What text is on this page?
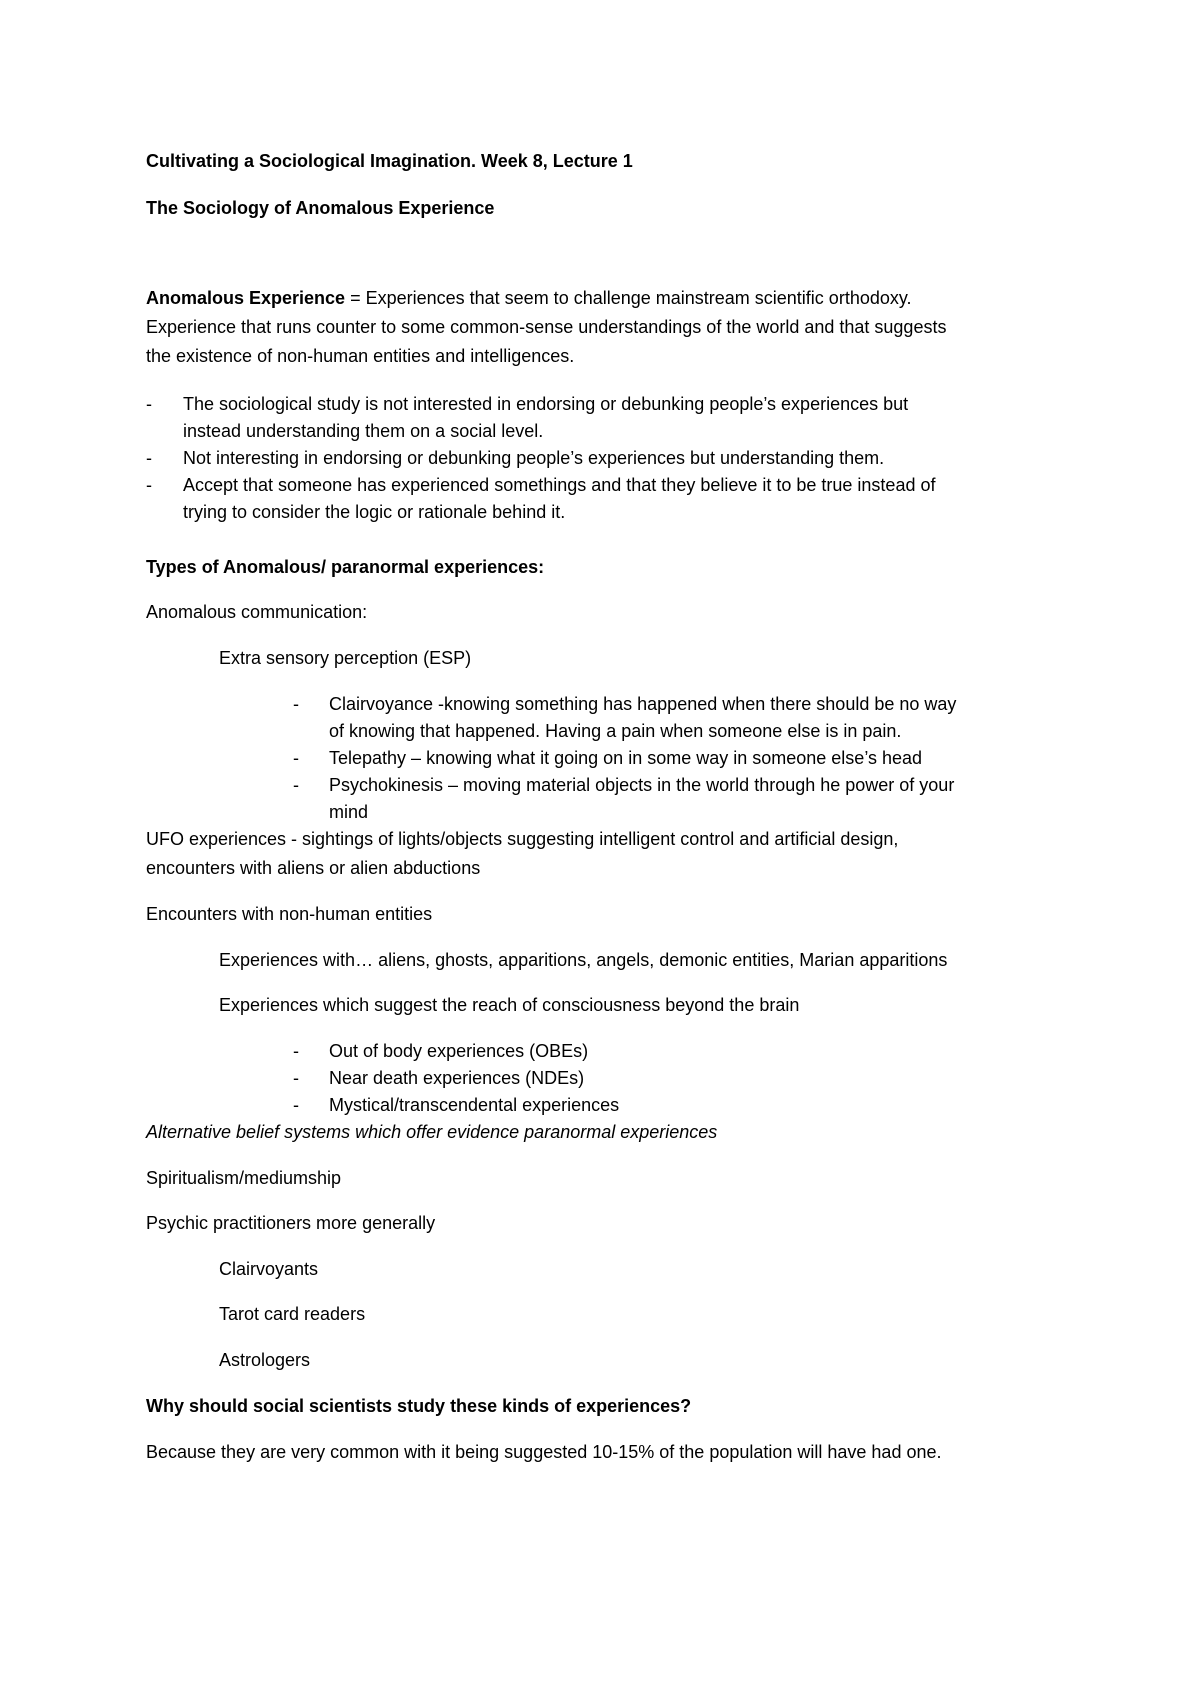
Cultivating a Sociological Imagination. Week 8, Lecture 1
The Sociology of Anomalous Experience
Anomalous Experience = Experiences that seem to challenge mainstream scientific orthodoxy.
Experience that runs counter to some common-sense understandings of the world and that suggests
the existence of non-human entities and intelligences.
- The sociological study is not interested in endorsing or debunking people’s experiences but
instead understanding them on a social level.
- Not interesting in endorsing or debunking people’s experiences but understanding them.
- Accept that someone has experienced somethings and that they believe it to be true instead of
trying to consider the logic or rationale behind it.
Types of Anomalous/ paranormal experiences:
Anomalous communication:
Extra sensory perception (ESP)
- Clairvoyance -knowing something has happened when there should be no way
of knowing that happened. Having a pain when someone else is in pain.
- Telepathy – knowing what it going on in some way in someone else’s head
- Psychokinesis – moving material objects in the world through he power of your
mind
UFO experiences - sightings of lights/objects suggesting intelligent control and artificial design,
encounters with aliens or alien abductions
Encounters with non-human entities
Experiences with… aliens, ghosts, apparitions, angels, demonic entities, Marian apparitions
Experiences which suggest the reach of consciousness beyond the brain
- Out of body experiences (OBEs)
- Near death experiences (NDEs)
- Mystical/transcendental experiences
Alternative belief systems which offer evidence paranormal experiences
Spiritualism/mediumship
Psychic practitioners more generally
Clairvoyants
Tarot card readers
Astrologers
Why should social scientists study these kinds of experiences?
Because they are very common with it being suggested 10-15% of the population will have had one.
